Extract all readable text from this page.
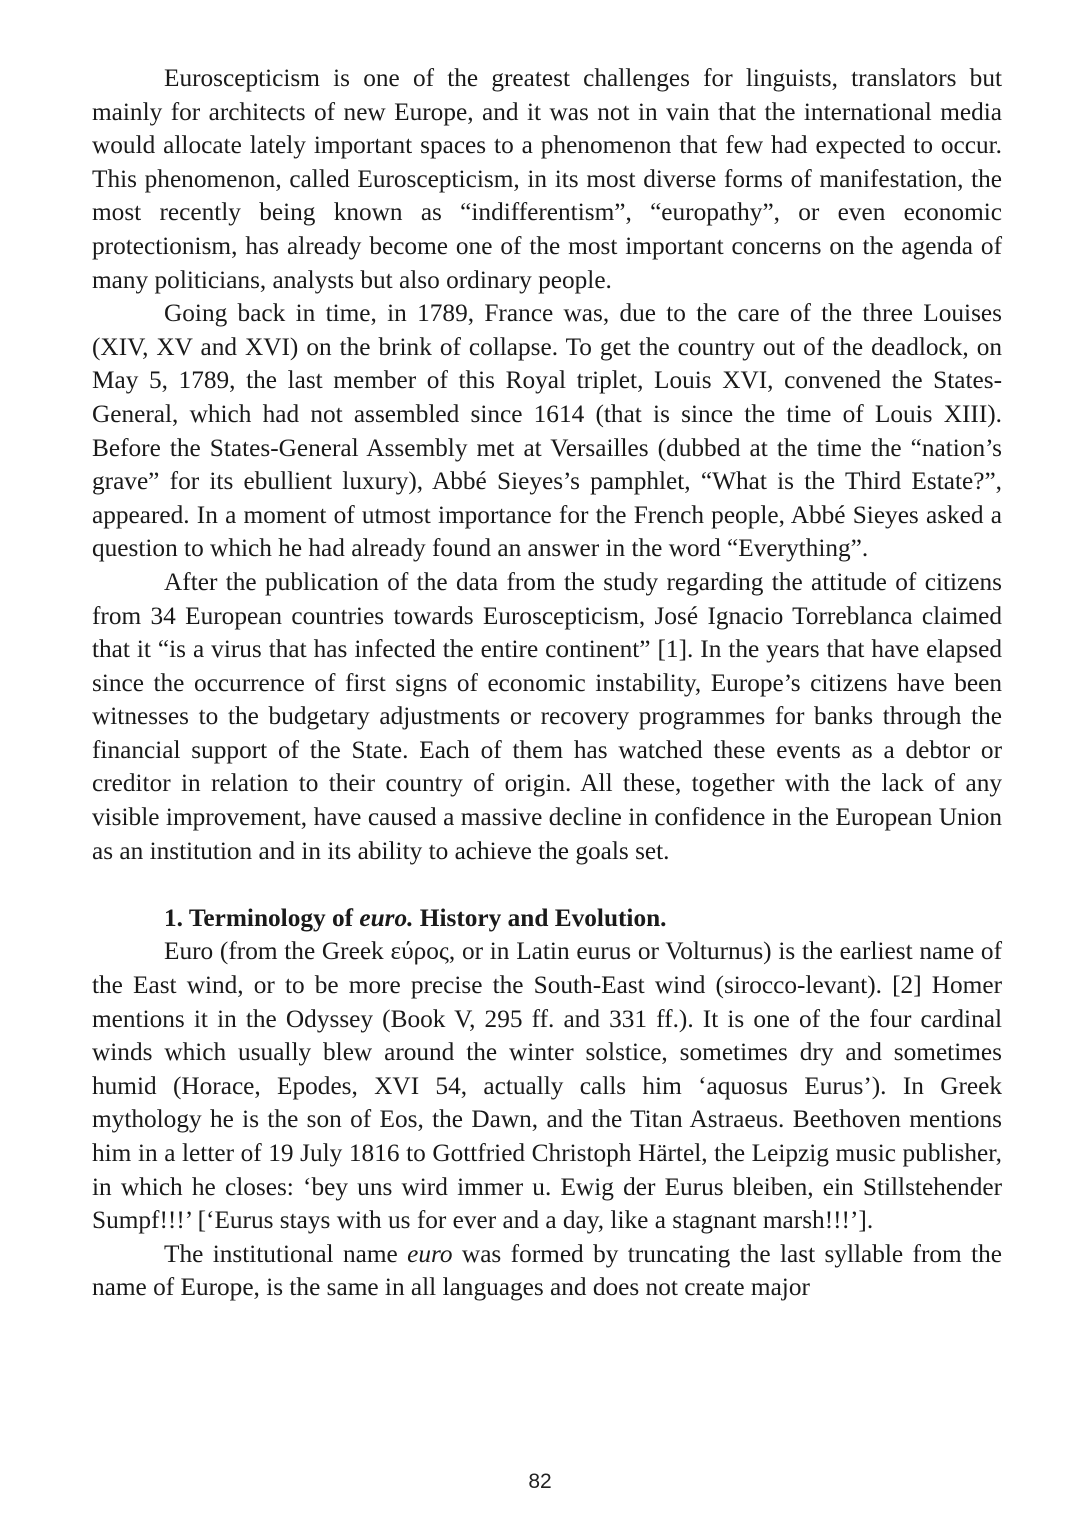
Euroscepticism is one of the greatest challenges for linguists, translators but mainly for architects of new Europe, and it was not in vain that the international media would allocate lately important spaces to a phenomenon that few had expected to occur. This phenomenon, called Euroscepticism, in its most diverse forms of manifestation, the most recently being known as “indifferentism”, “europathy”, or even economic protectionism, has already become one of the most important concerns on the agenda of many politicians, analysts but also ordinary people.

Going back in time, in 1789, France was, due to the care of the three Louises (XIV, XV and XVI) on the brink of collapse. To get the country out of the deadlock, on May 5, 1789, the last member of this Royal triplet, Louis XVI, convened the States-General, which had not assembled since 1614 (that is since the time of Louis XIII). Before the States-General Assembly met at Versailles (dubbed at the time the “nation’s grave” for its ebullient luxury), Abbé Sieyes’s pamphlet, “What is the Third Estate?”, appeared. In a moment of utmost importance for the French people, Abbé Sieyes asked a question to which he had already found an answer in the word “Everything”.

After the publication of the data from the study regarding the attitude of citizens from 34 European countries towards Euroscepticism, José Ignacio Torreblanca claimed that it “is a virus that has infected the entire continent” [1]. In the years that have elapsed since the occurrence of first signs of economic instability, Europe’s citizens have been witnesses to the budgetary adjustments or recovery programmes for banks through the financial support of the State. Each of them has watched these events as a debtor or creditor in relation to their country of origin. All these, together with the lack of any visible improvement, have caused a massive decline in confidence in the European Union as an institution and in its ability to achieve the goals set.

1. Terminology of euro. History and Evolution.

Euro (from the Greek εύρος, or in Latin eurus or Volturnus) is the earliest name of the East wind, or to be more precise the South-East wind (sirocco-levant). [2] Homer mentions it in the Odyssey (Book V, 295 ff. and 331 ff.). It is one of the four cardinal winds which usually blew around the winter solstice, sometimes dry and sometimes humid (Horace, Epodes, XVI 54, actually calls him ‘aquosus Eurus’). In Greek mythology he is the son of Eos, the Dawn, and the Titan Astraeus. Beethoven mentions him in a letter of 19 July 1816 to Gottfried Christoph Härtel, the Leipzig music publisher, in which he closes: ‘bey uns wird immer u. Ewig der Eurus bleiben, ein Stillstehender Sumpf!!!’ [‘Eurus stays with us for ever and a day, like a stagnant marsh!!!’].

The institutional name euro was formed by truncating the last syllable from the name of Europe, is the same in all languages and does not create major

82
